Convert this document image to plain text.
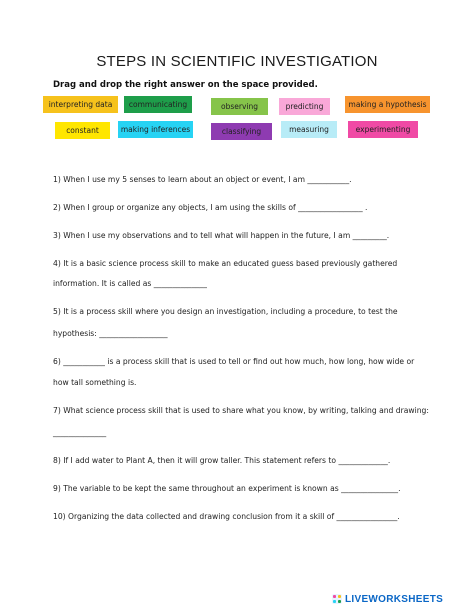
STEPS IN SCIENTIFIC INVESTIGATION
Drag and drop the right answer on the space provided.
interpreting data	communicating	observing	predicting	making a hypothesis
constant	making inferences	classifying	measuring	experimenting
1) When I use my 5 senses to learn about an object or event, I am ___________.
2) When I group or organize any objects, I am using the skills of _________________ .
3) When I use my observations and to tell what will happen in the future, I am _________.
4) It is a basic science process skill to make an educated guess based previously gathered
information. It is called as ______________
5) It is a process skill where you design an investigation, including a procedure, to test the
hypothesis: __________________
6) ___________ is a process skill that is used to tell or find out how much, how long, how wide or
how tall something is.
7) What science process skill that is used to share what you know, by writing, talking and drawing:
______________
8) If I add water to Plant A, then it will grow taller. This statement refers to _____________.
9) The variable to be kept the same throughout an experiment is known as _______________.
10) Organizing the data collected and drawing conclusion from it a skill of ________________.
LIVEWORKSHEETS
